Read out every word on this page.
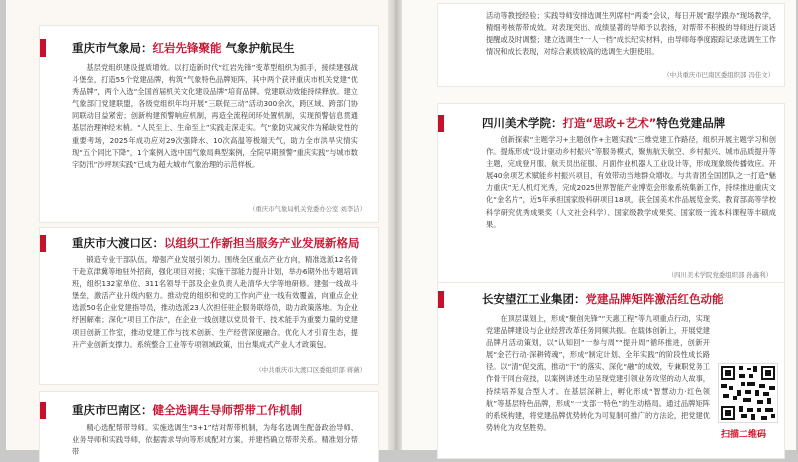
重庆市气象局：红岩先锋聚能 气象护航民生
基层党组织建设提质增效。以打造新时代“红岩先锋”变革型组织为抓手，接续建强战斗堡垒，打造55个党建品牌，构筑“气象特色品牌矩阵，其中两个获评重庆市机关党建”优秀品牌”，两个入选“全国首届机关文化建设品牌”培育品牌。党建联动效能持续释放。建立气象部门党建联盟，各级党组织年均开展“三联促三动”活动300余次，跨区域、跨部门协同联动目益紧密；创新构建预警响应机制，再造全流程闭环处置机制，实现预警信息贯通基层治理神经末梢。“人民至上、生命至上”实践走深走实。气“象防灾减灾作为稀缺党性的重要考场，2025年成功应对29次强降水、10次高温等极端天气，助力全市洪旱灾情实现“五个同比下降”，1个案例入选中国气象局典型案例，全院早期预警”重庆实践”与城市数字防汛”沙坪坝实践”已成为超大城市气象治理的示范样板。
（重庆市气象局机关党委办公室 刘李洁）
重庆市大渡口区：以组织工作新担当服务产业发展新格局
锻造专业干部队伍，增强产业发展引领力。围绕全区重点产业方向，精准选派12名骨干赴京津冀等地驻外招商，强化项目对接；实施干部能力提升计划，举办6期外出专题培训班，组织132家单位、311名领导干部及企业负责人赴清华大学等地研修。建强一线战斗堡垒，激活产业升级内驱力。推动党的组织和党的工作向产业一线有效覆盖，向重点企业选派50名企业党建指导员，推动选派23人次担任驻企服务联络员，助力政策落地。为企业纾困解难；深化“项目工作法”，在企业一线创建以党员骨干、技术能手为重要力量的党建项目创新工作室，推动党建工作与技术创新、生产经营深度融合。优化人才引育生态，提升产业创新支撑力。系统整合工业等专项领域政策，出台集成式产业人才政策包。
（中共重庆市大渡口区委组织部 蒋薇）
重庆市巴南区：健全选调生导师帮带工作机制
精心选配帮带导师。实施选调生“3+1”结对帮带机制，为每名选调生配备政治导师、业务导师和实践导师，依据需求导向等形成配对方案，并建档确立帮带关系。精准划分帮带
活动等教授经验；实践导师安排选调生列席村“两委”会议，每日开展“跟学跟办”现场教学，精细考核帮带成效。对表现突出、成绩显著的导师予以表扬，对帮带不积极的导师进行谈话提醒或及时调整；建立选调生“一人一档”成长纪实材料，由导师每季度跟踪记录选调生工作情况和成长表现，对综合素质较高的选调生大胆使用。
（中共重庆市巴南区委组织部 冯佳文）
四川美术学院：打造“思政+艺术”特色党建品牌
创新探索“主题学习+主题创作+主题实践”三维党建工作路径，组织开展主题学习和创作。提炼形成“设计驱动乡村振兴”等服务模式，聚焦航天航空、乡村振兴、城市品质提升等主题，完成登月服、航天员出征服、月面作业机器人工业设计等，形成现象级传播效应。开展40余项艺术赋能乡村振兴项目，有效带动当地群众增收。与共青团全国团队之一打造“魅力重庆”无人机灯光秀，完成2025世界智能产业博览会形象系统集新工作，持续推进重庆文化“金名片”，近5年承担国家级科研项目18项，获全国美术作品展览金奖、教育部高等学校科学研究优秀成果奖（人文社会科学）、国家级教学成果奖、国家级一流本科课程等丰硕成果。
（四川美术学院党委组织部 孙鑫利）
长安望江工业集团：党建品牌矩阵激活红色动能
在顶层谋划上，形成“聚创先锋”“天惠工程”等九项重点行动，实现党建品牌建设与企业经营改革任务同频共振。在载体创新上，开展党建品牌月活动策划，以“认知回“一参与周”“提升周”循环推进，创新开展“金芒行动·深耕铸魂”，形成“制定计划、全年实践”的阶段性成长路径。以“清”促交流，推动“干”的落实、深化“融”的成效，专兼职党务工作骨干同台竞技，以案例讲述生动呈现党建引领业务攻坚的动人故事，持续培养复合型人才。在基层深耕上，孵化形成“智慧动力·红色领航”等基层特色品牌，形成“一支部一特色”的生动格局。通过品牌矩阵的系统构建，将党建品牌优势转化为可复制可推广的方法论，把党建优势转化为攻坚胜势。
扫描二维码
